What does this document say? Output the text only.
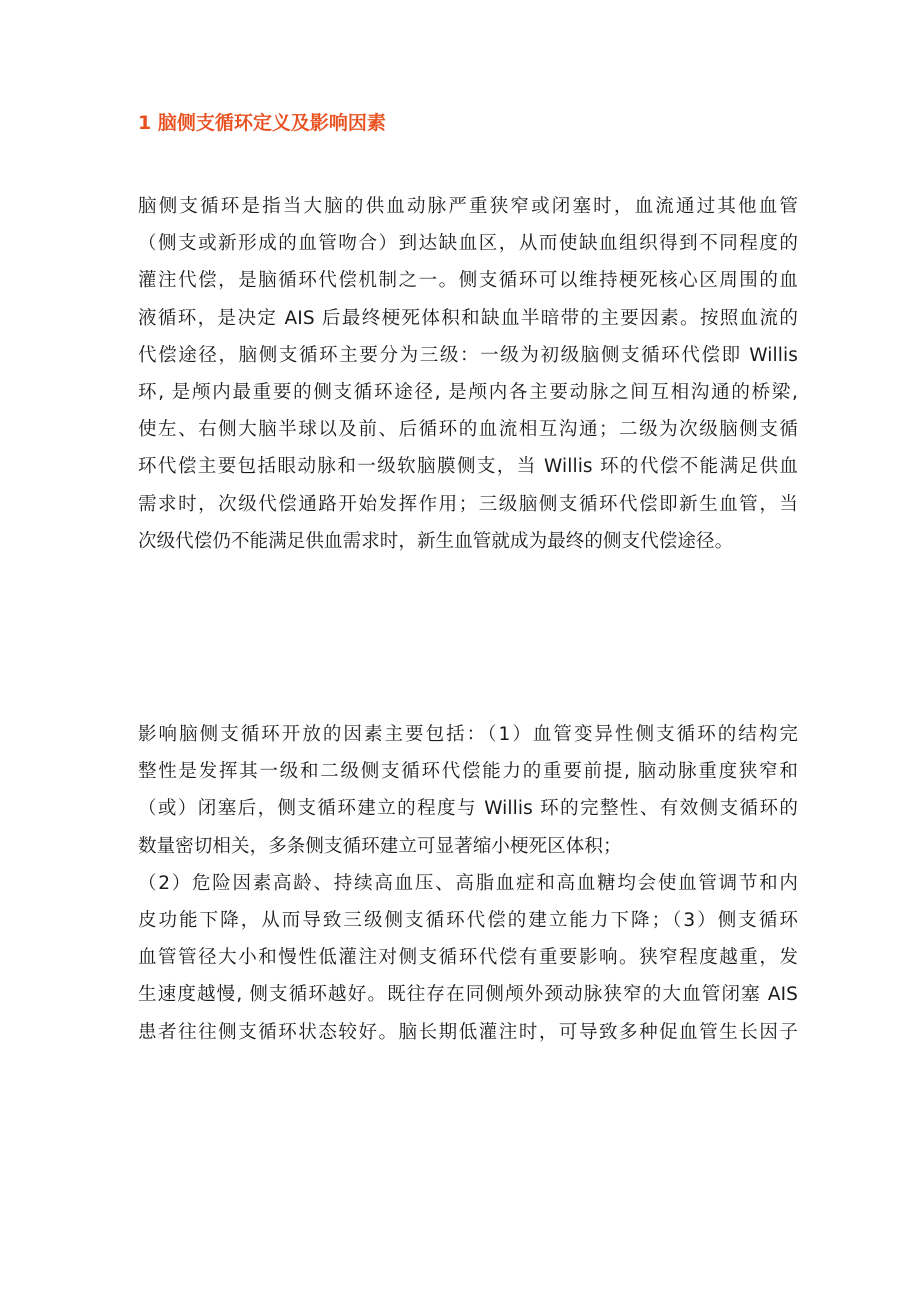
1 脑侧支循环定义及影响因素
脑侧支循环是指当大脑的供血动脉严重狭窄或闭塞时，血流通过其他血管
（侧支或新形成的血管吻合）到达缺血区，从而使缺血组织得到不同程度的
灌注代偿，是脑循环代偿机制之一。侧支循环可以维持梗死核心区周围的血
液循环，是决定 AIS 后最终梗死体积和缺血半暗带的主要因素。按照血流的
代偿途径，脑侧支循环主要分为三级：一级为初级脑侧支循环代偿即 Willis
环, 是颅内最重要的侧支循环途径, 是颅内各主要动脉之间互相沟通的桥梁,
使左、右侧大脑半球以及前、后循环的血流相互沟通；二级为次级脑侧支循
环代偿主要包括眼动脉和一级软脑膜侧支，当 Willis 环的代偿不能满足供血
需求时，次级代偿通路开始发挥作用；三级脑侧支循环代偿即新生血管，当
次级代偿仍不能满足供血需求时，新生血管就成为最终的侧支代偿途径。
影响脑侧支循环开放的因素主要包括：（1）血管变异性侧支循环的结构完
整性是发挥其一级和二级侧支循环代偿能力的重要前提, 脑动脉重度狭窄和
（或）闭塞后，侧支循环建立的程度与 Willis 环的完整性、有效侧支循环的
数量密切相关，多条侧支循环建立可显著缩小梗死区体积；
（2）危险因素高龄、持续高血压、高脂血症和高血糖均会使血管调节和内
皮功能下降，从而导致三级侧支循环代偿的建立能力下降；（3）侧支循环
血管管径大小和慢性低灌注对侧支循环代偿有重要影响。狭窄程度越重，发
生速度越慢, 侧支循环越好。既往存在同侧颅外颈动脉狭窄的大血管闭塞 AIS
患者往往侧支循环状态较好。脑长期低灌注时，可导致多种促血管生长因子
